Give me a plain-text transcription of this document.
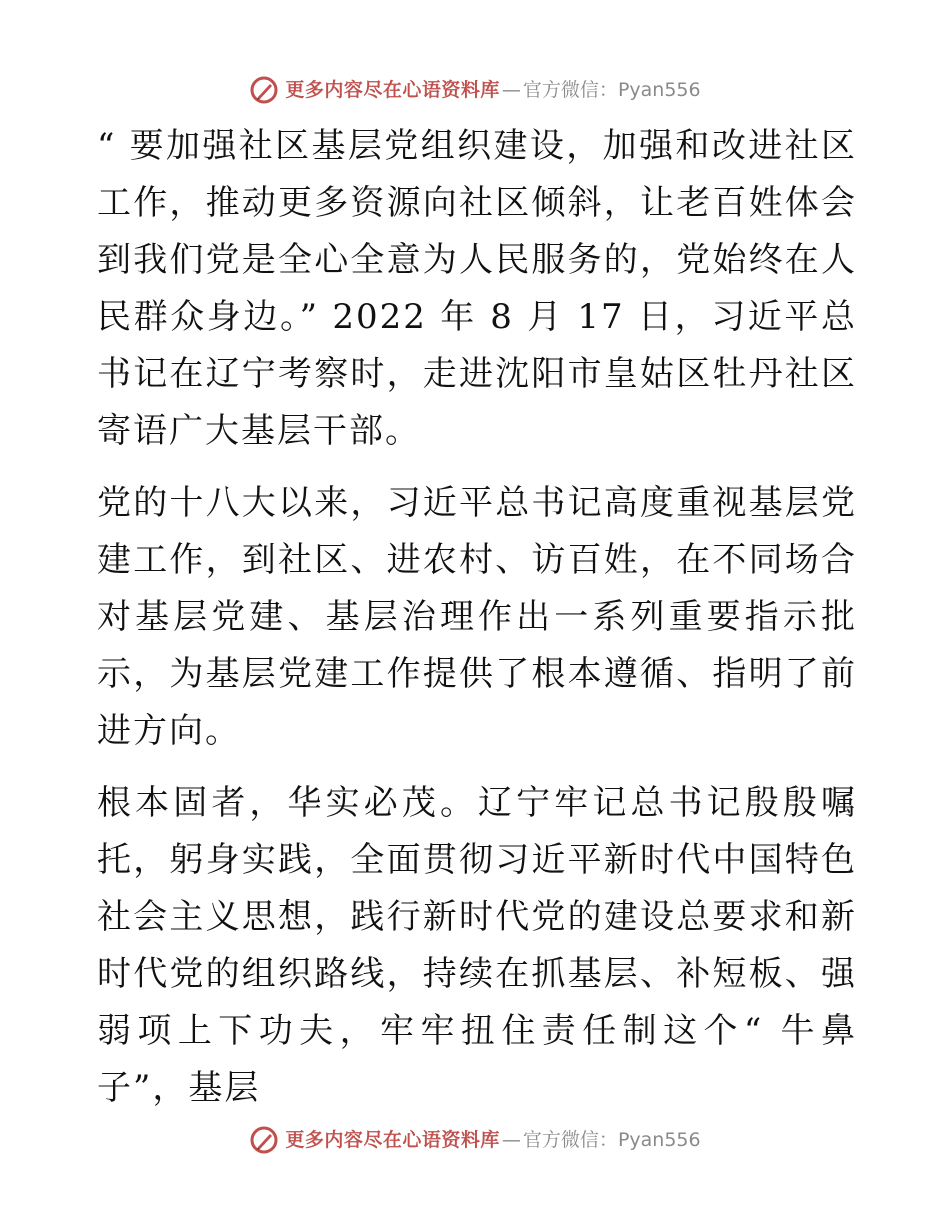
更多内容尽在心语资料库 — 官方微信： Pyan556

“ 要加强社区基层党组织建设，加强和改进社区工作，推动更多资源向社区倾斜，让老百姓体会到我们党是全心全意为人民服务的，党始终在人民群众身边。” 2022 年 8 月 17 日，习近平总书记在辽宁考察时，走进沈阳市皇姑区牡丹社区寄语广大基层干部。

党的十八大以来，习近平总书记高度重视基层党建工作，到社区、进农村、访百姓，在不同场合对基层党建、基层治理作出一系列重要指示批示，为基层党建工作提供了根本遵循、指明了前进方向。

根本固者，华实必茂。辽宁牢记总书记殷殷嘱托，躬身实践，全面贯彻习近平新时代中国特色社会主义思想，践行新时代党的建设总要求和新时代党的组织路线，持续在抓基层、补短板、强弱项上下功夫，牢牢扭住责任制这个“ 牛鼻子”，基层

更多内容尽在心语资料库 — 官方微信： Pyan556
